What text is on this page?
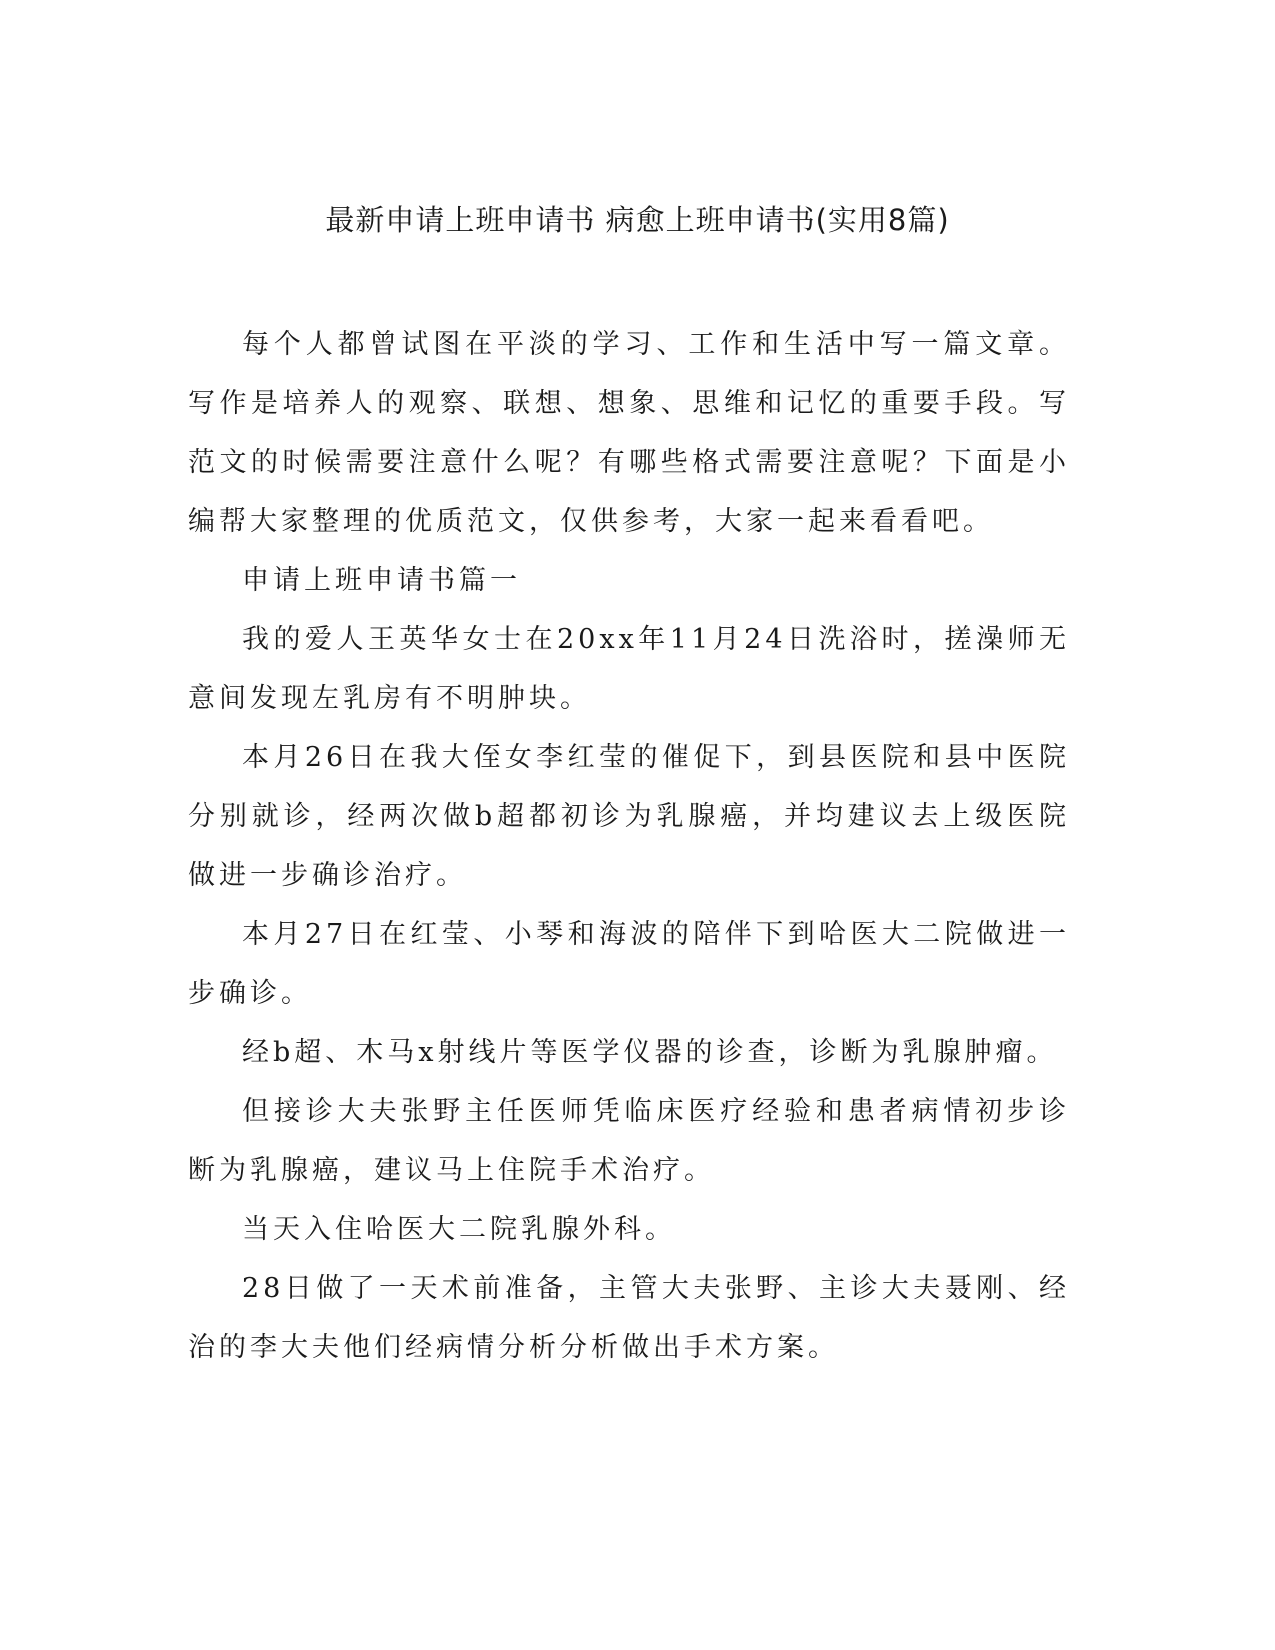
最新申请上班申请书 病愈上班申请书(实用8篇)

每个人都曾试图在平淡的学习、工作和生活中写一篇文章。写作是培养人的观察、联想、想象、思维和记忆的重要手段。写范文的时候需要注意什么呢？有哪些格式需要注意呢？下面是小编帮大家整理的优质范文，仅供参考，大家一起来看看吧。

申请上班申请书篇一

我的爱人王英华女士在20xx年11月24日洗浴时，搓澡师无意间发现左乳房有不明肿块。

本月26日在我大侄女李红莹的催促下，到县医院和县中医院分别就诊，经两次做b超都初诊为乳腺癌，并均建议去上级医院做进一步确诊治疗。

本月27日在红莹、小琴和海波的陪伴下到哈医大二院做进一步确诊。

经b超、木马x射线片等医学仪器的诊查，诊断为乳腺肿瘤。

但接诊大夫张野主任医师凭临床医疗经验和患者病情初步诊断为乳腺癌，建议马上住院手术治疗。

当天入住哈医大二院乳腺外科。

28日做了一天术前准备，主管大夫张野、主诊大夫聂刚、经治的李大夫他们经病情分析分析做出手术方案。
